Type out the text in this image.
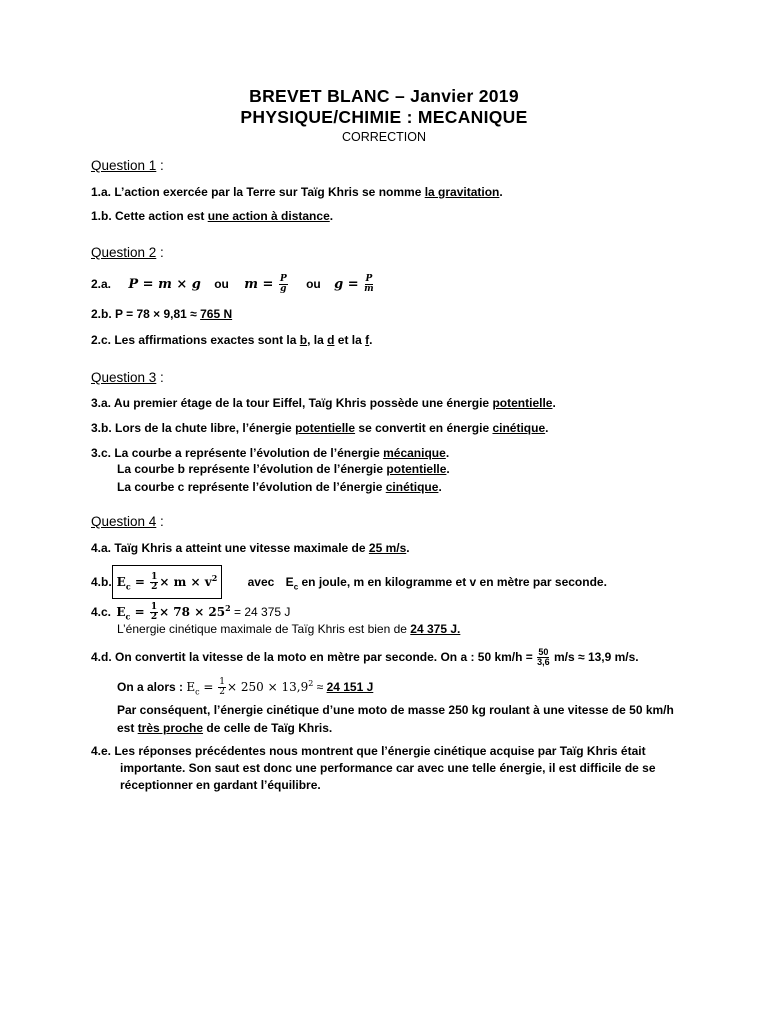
BREVET BLANC – Janvier 2019
PHYSIQUE/CHIMIE : MECANIQUE
CORRECTION
Question 1 :
1.a. L’action exercée par la Terre sur Taïg Khris se nomme la gravitation.
1.b. Cette action est une action à distance.
Question 2 :
2.a. P = m × g ou $m = \frac{P}{g}$ ou $g = \frac{P}{m}$
2.b. P = 78 × 9,81 ≈ 765 N
2.c. Les affirmations exactes sont la b, la d et la f.
Question 3 :
3.a. Au premier étage de la tour Eiffel, Taïg Khris possède une énergie potentielle.
3.b. Lors de la chute libre, l’énergie potentielle se convertit en énergie cinétique.
3.c. La courbe a représente l’évolution de l’énergie mécanique.
La courbe b représente l’évolution de l’énergie potentielle.
La courbe c représente l’évolution de l’énergie cinétique.
Question 4 :
4.a. Taïg Khris a atteint une vitesse maximale de 25 m/s.
4.b. $E_c = \frac{1}{2} \times m \times v^2$	avec $E_c$ en joule, m en kilogramme et v en mètre par seconde.
4.c. $E_c = \frac{1}{2} \times 78 \times 25^2 = 24$ 375 J
L’énergie cinétique maximale de Taïg Khris est bien de 24 375 J.
4.d. On convertit la vitesse de la moto en mètre par seconde. On a : 50 $km/h = \frac{50}{3,6} m/s \approx 13,9$ m/s.
On a alors : $E_c = \frac{1}{2} \times 250 \times 13,9^2 \approx 24$ 151 J
Par conséquent, l’énergie cinétique d’une moto de masse 250 kg roulant à une vitesse de 50 km/h
est très proche de celle de Taïg Khris.
4.e. Les réponses précédentes nous montrent que l’énergie cinétique acquise par Taïg Khris était
importante. Son saut est donc une performance car avec une telle énergie, il est difficile de se
réceptionner en gardant l’équilibre.
